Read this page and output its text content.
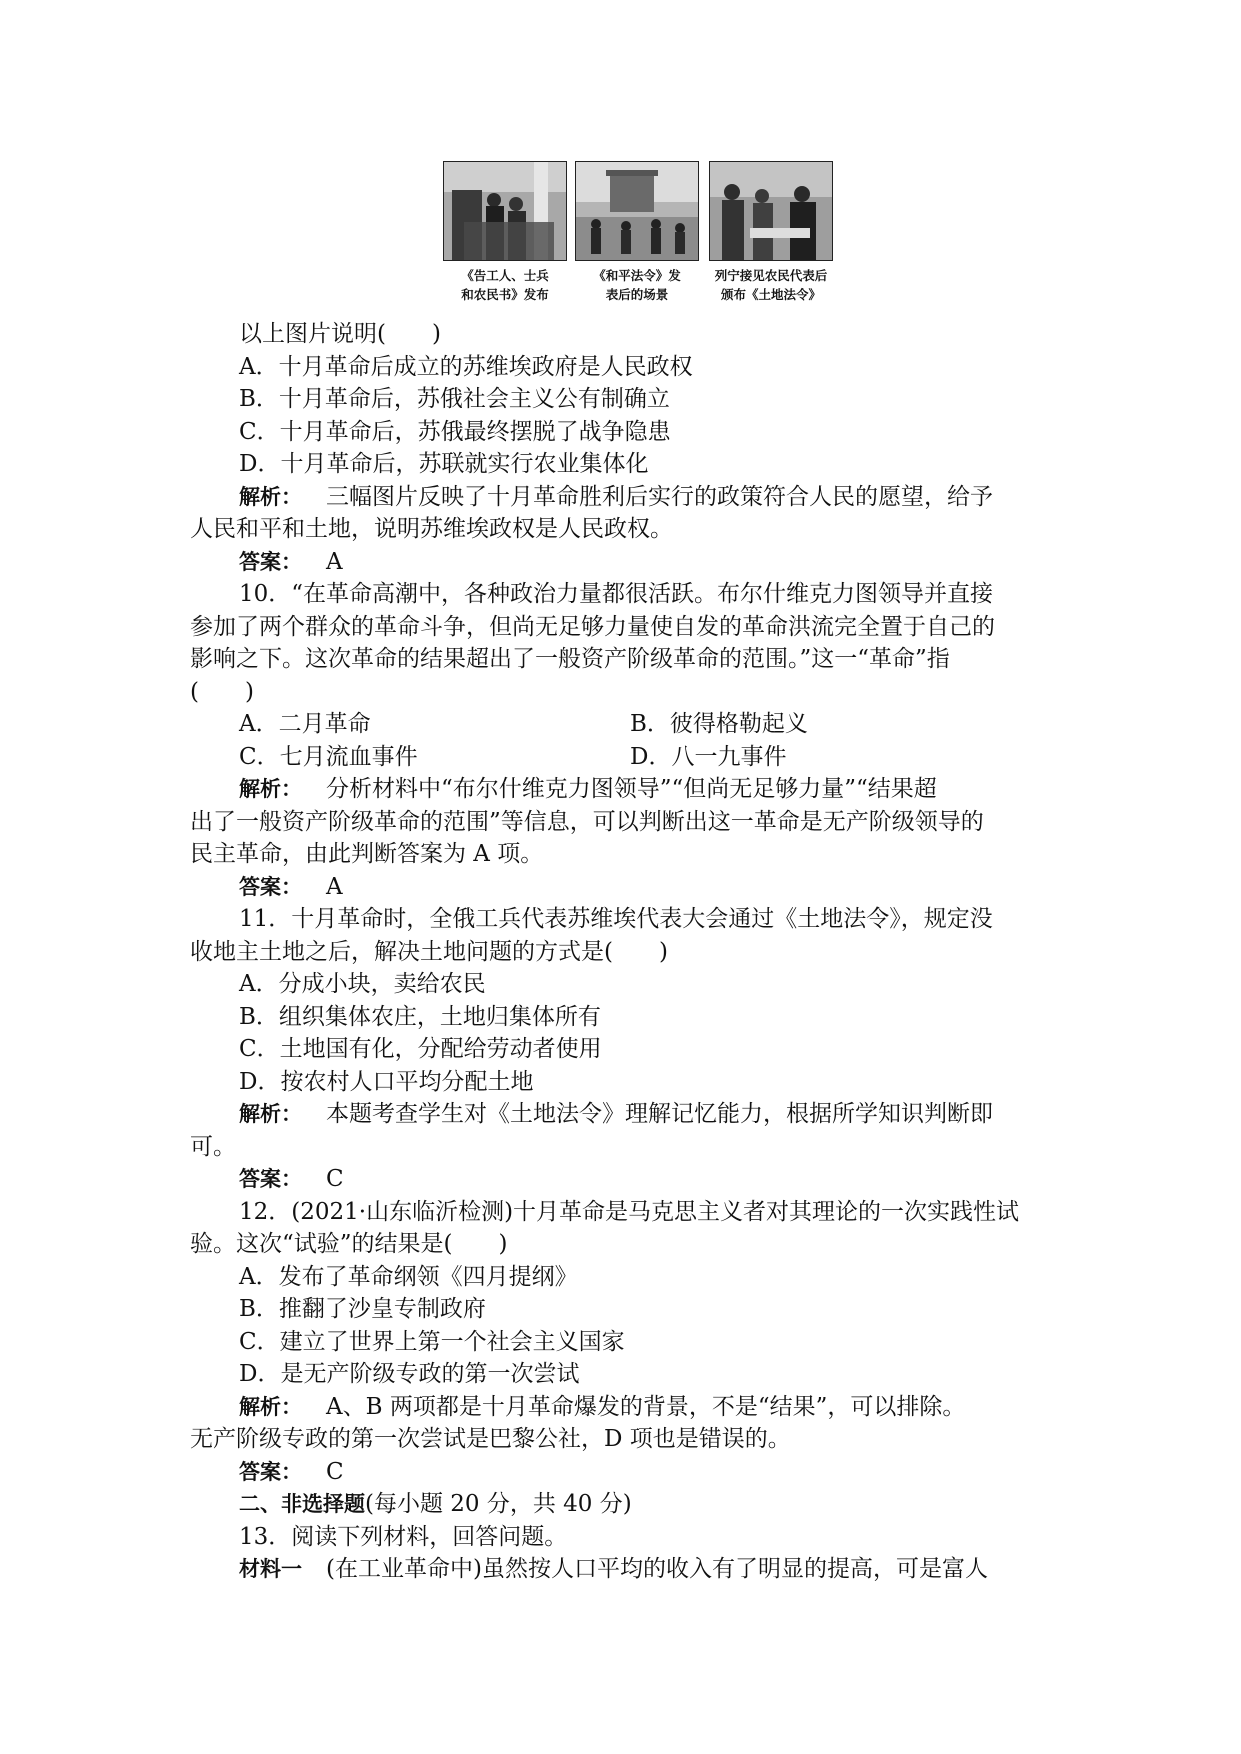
《告工人、士兵
和农民书》发布
《和平法令》发
表后的场景
列宁接见农民代表后
颁布《土地法令》
以上图片说明(　　)
A．十月革命后成立的苏维埃政府是人民政权
B．十月革命后，苏俄社会主义公有制确立
C．十月革命后，苏俄最终摆脱了战争隐患
D．十月革命后，苏联就实行农业集体化
解析： 三幅图片反映了十月革命胜利后实行的政策符合人民的愿望，给予
人民和平和土地，说明苏维埃政权是人民政权。
答案： A
10．“在革命高潮中，各种政治力量都很活跃。布尔什维克力图领导并直接
参加了两个群众的革命斗争，但尚无足够力量使自发的革命洪流完全置于自己的
影响之下。这次革命的结果超出了一般资产阶级革命的范围。”这一“革命”指
(　　)
A．二月革命	B．彼得格勒起义
C．七月流血事件	D．八一九事件
解析： 分析材料中“布尔什维克力图领导”“但尚无足够力量”“结果超
出了一般资产阶级革命的范围”等信息，可以判断出这一革命是无产阶级领导的
民主革命，由此判断答案为 A 项。
答案： A
11．十月革命时，全俄工兵代表苏维埃代表大会通过《土地法令》，规定没
收地主土地之后，解决土地问题的方式是(　　)
A．分成小块，卖给农民
B．组织集体农庄，土地归集体所有
C．土地国有化，分配给劳动者使用
D．按农村人口平均分配土地
解析： 本题考查学生对《土地法令》理解记忆能力，根据所学知识判断即
可。
答案： C
12．(2021·山东临沂检测)十月革命是马克思主义者对其理论的一次实践性试
验。这次“试验”的结果是(　　)
A．发布了革命纲领《四月提纲》
B．推翻了沙皇专制政府
C．建立了世界上第一个社会主义国家
D．是无产阶级专政的第一次尝试
解析： A、B 两项都是十月革命爆发的背景，不是“结果”，可以排除。
无产阶级专政的第一次尝试是巴黎公社，D 项也是错误的。
答案： C
二、非选择题(每小题 20 分，共 40 分)
13．阅读下列材料，回答问题。
材料一 (在工业革命中)虽然按人口平均的收入有了明显的提高，可是富人
